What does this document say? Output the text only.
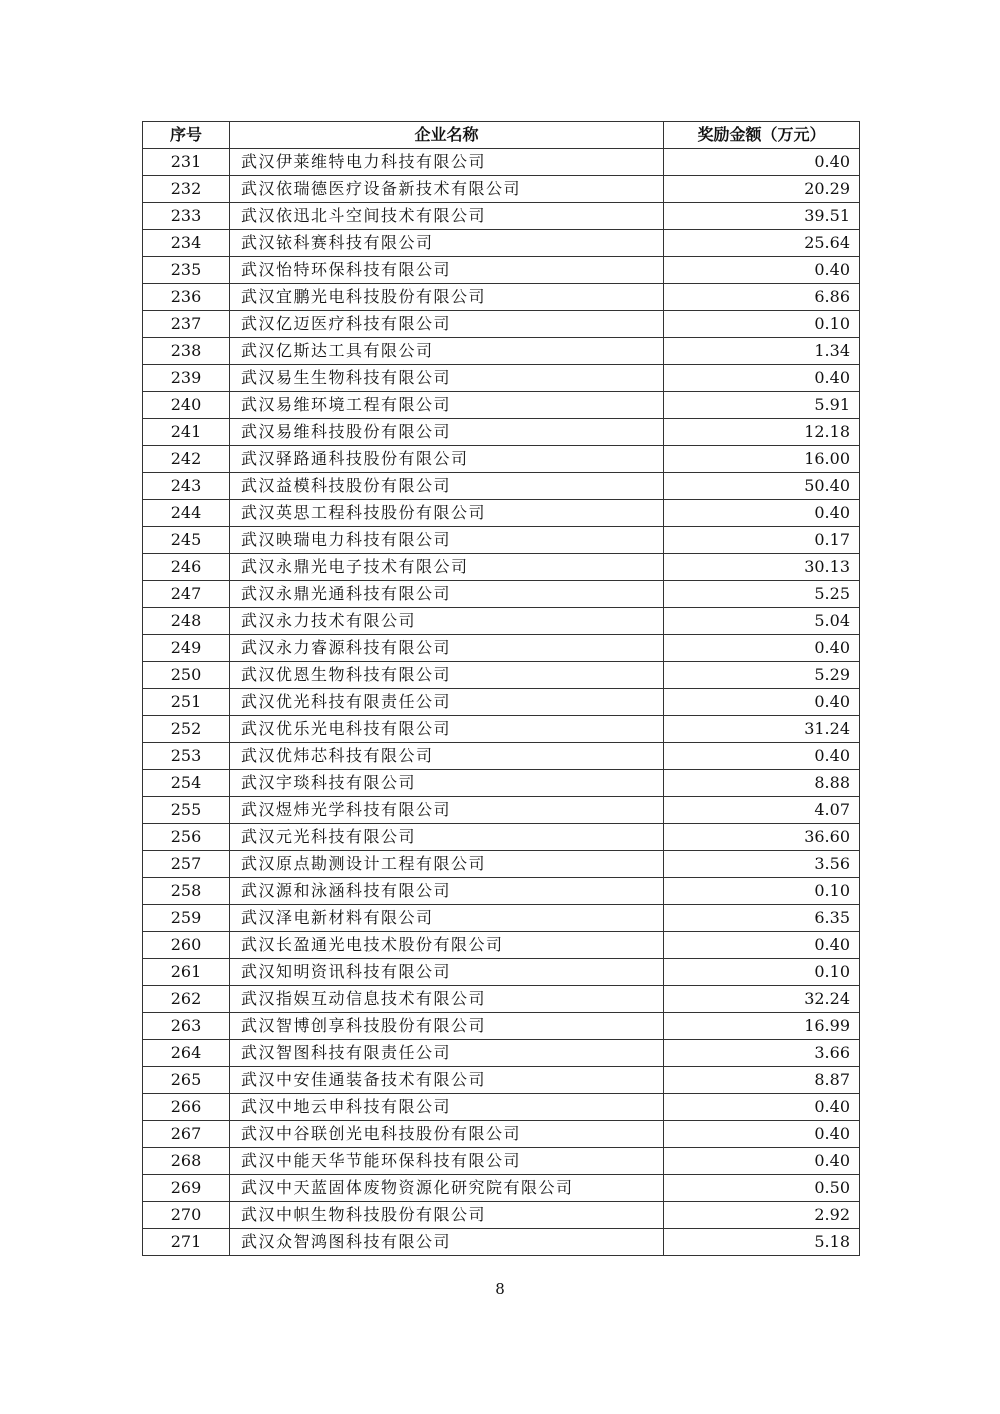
序号	企业名称	奖励金额（万元）
231	武汉伊莱维特电力科技有限公司	0.40
232	武汉依瑞德医疗设备新技术有限公司	20.29
233	武汉依迅北斗空间技术有限公司	39.51
234	武汉铱科赛科技有限公司	25.64
235	武汉怡特环保科技有限公司	0.40
236	武汉宜鹏光电科技股份有限公司	6.86
237	武汉亿迈医疗科技有限公司	0.10
238	武汉亿斯达工具有限公司	1.34
239	武汉易生生物科技有限公司	0.40
240	武汉易维环境工程有限公司	5.91
241	武汉易维科技股份有限公司	12.18
242	武汉驿路通科技股份有限公司	16.00
243	武汉益模科技股份有限公司	50.40
244	武汉英思工程科技股份有限公司	0.40
245	武汉映瑞电力科技有限公司	0.17
246	武汉永鼎光电子技术有限公司	30.13
247	武汉永鼎光通科技有限公司	5.25
248	武汉永力技术有限公司	5.04
249	武汉永力睿源科技有限公司	0.40
250	武汉优恩生物科技有限公司	5.29
251	武汉优光科技有限责任公司	0.40
252	武汉优乐光电科技有限公司	31.24
253	武汉优炜芯科技有限公司	0.40
254	武汉宇琰科技有限公司	8.88
255	武汉煜炜光学科技有限公司	4.07
256	武汉元光科技有限公司	36.60
257	武汉原点勘测设计工程有限公司	3.56
258	武汉源和泳涵科技有限公司	0.10
259	武汉泽电新材料有限公司	6.35
260	武汉长盈通光电技术股份有限公司	0.40
261	武汉知明资讯科技有限公司	0.10
262	武汉指娱互动信息技术有限公司	32.24
263	武汉智博创享科技股份有限公司	16.99
264	武汉智图科技有限责任公司	3.66
265	武汉中安佳通装备技术有限公司	8.87
266	武汉中地云申科技有限公司	0.40
267	武汉中谷联创光电科技股份有限公司	0.40
268	武汉中能天华节能环保科技有限公司	0.40
269	武汉中天蓝固体废物资源化研究院有限公司	0.50
270	武汉中帜生物科技股份有限公司	2.92
271	武汉众智鸿图科技有限公司	5.18
8
